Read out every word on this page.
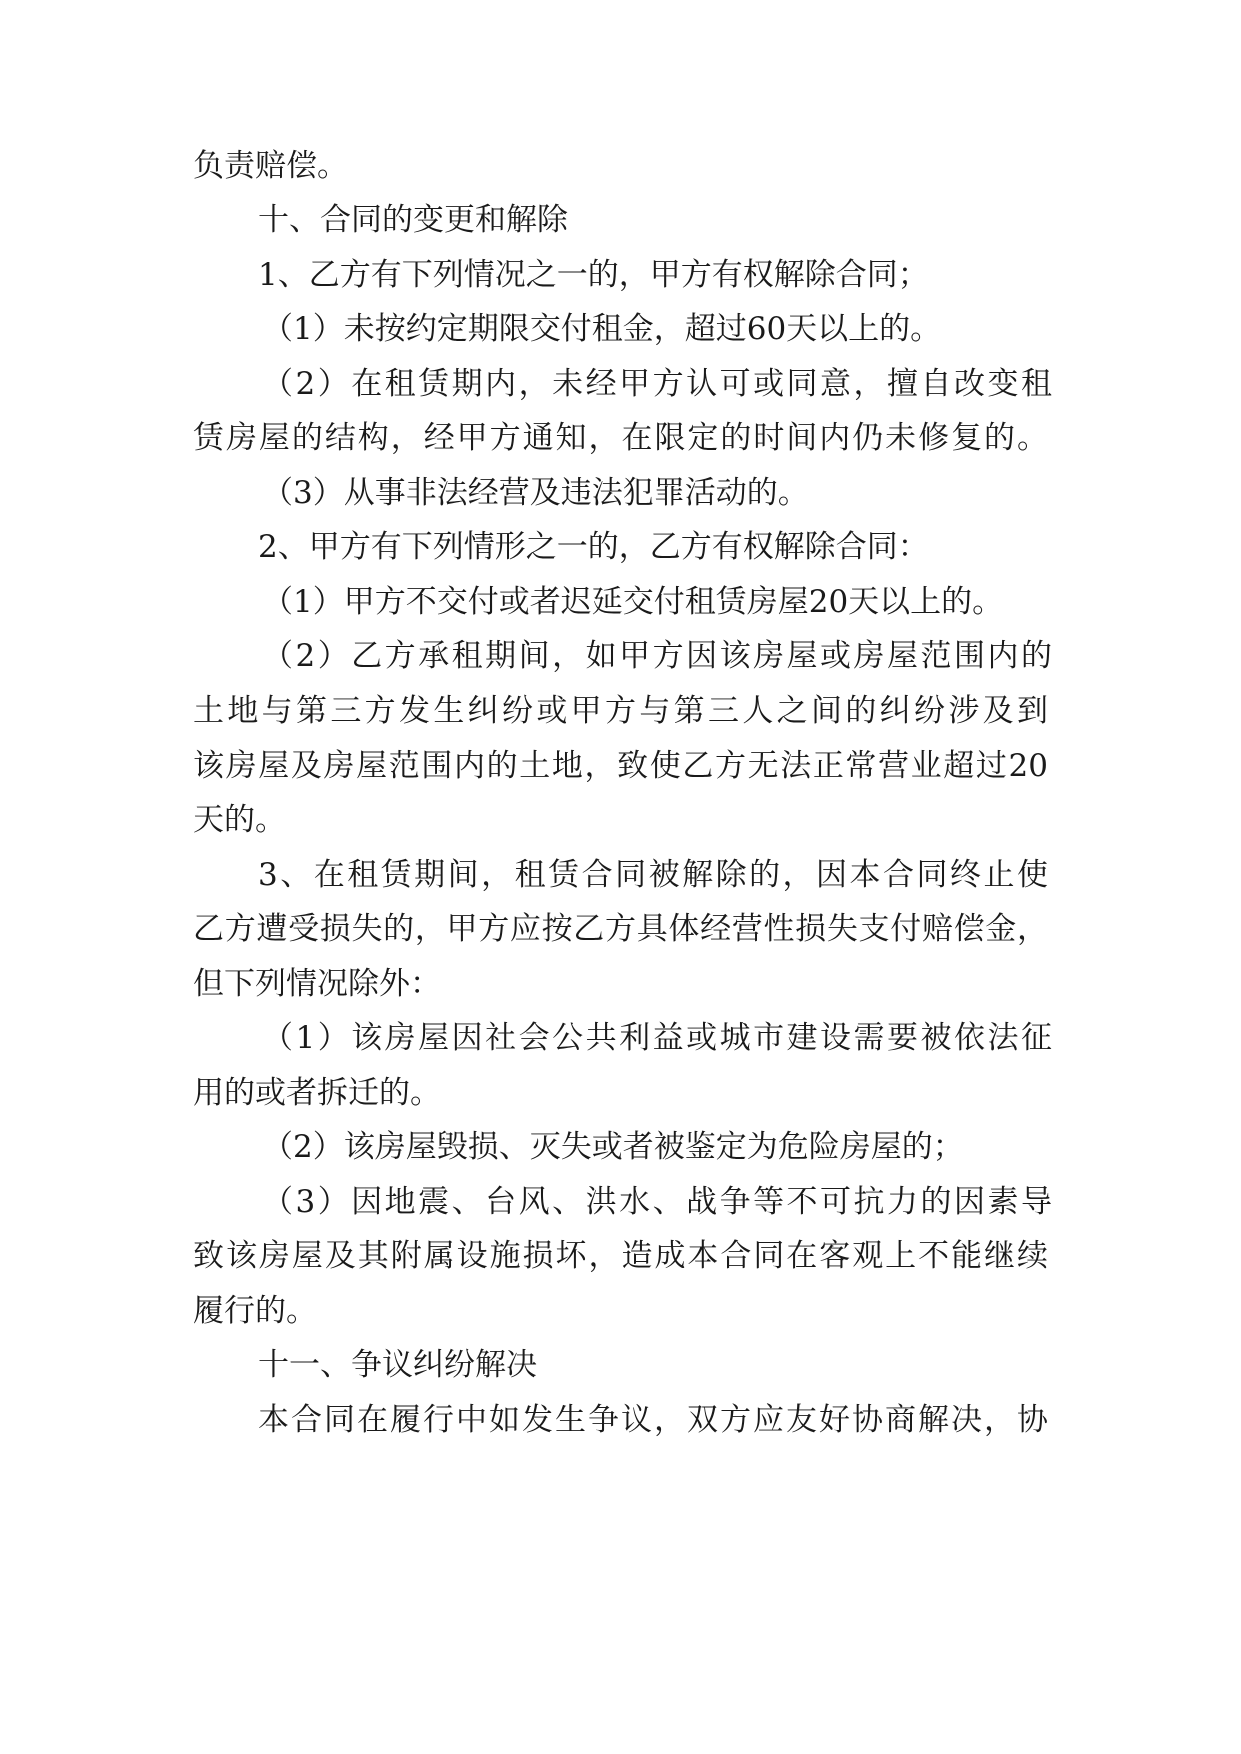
负责赔偿。

十、合同的变更和解除

1、乙方有下列情况之一的，甲方有权解除合同；

（1）未按约定期限交付租金，超过60天以上的。

（2）在租赁期内，未经甲方认可或同意，擅自改变租

赁房屋的结构，经甲方通知，在限定的时间内仍未修复的。

（3）从事非法经营及违法犯罪活动的。

2、甲方有下列情形之一的，乙方有权解除合同：

（1）甲方不交付或者迟延交付租赁房屋20天以上的。

（2）乙方承租期间，如甲方因该房屋或房屋范围内的

土地与第三方发生纠纷或甲方与第三人之间的纠纷涉及到

该房屋及房屋范围内的土地，致使乙方无法正常营业超过20

天的。

3、在租赁期间，租赁合同被解除的，因本合同终止使

乙方遭受损失的，甲方应按乙方具体经营性损失支付赔偿金，

但下列情况除外：

（1）该房屋因社会公共利益或城市建设需要被依法征

用的或者拆迁的。

（2）该房屋毁损、灭失或者被鉴定为危险房屋的；

（3）因地震、台风、洪水、战争等不可抗力的因素导

致该房屋及其附属设施损坏，造成本合同在客观上不能继续

履行的。

十一、争议纠纷解决

本合同在履行中如发生争议，双方应友好协商解决，协
